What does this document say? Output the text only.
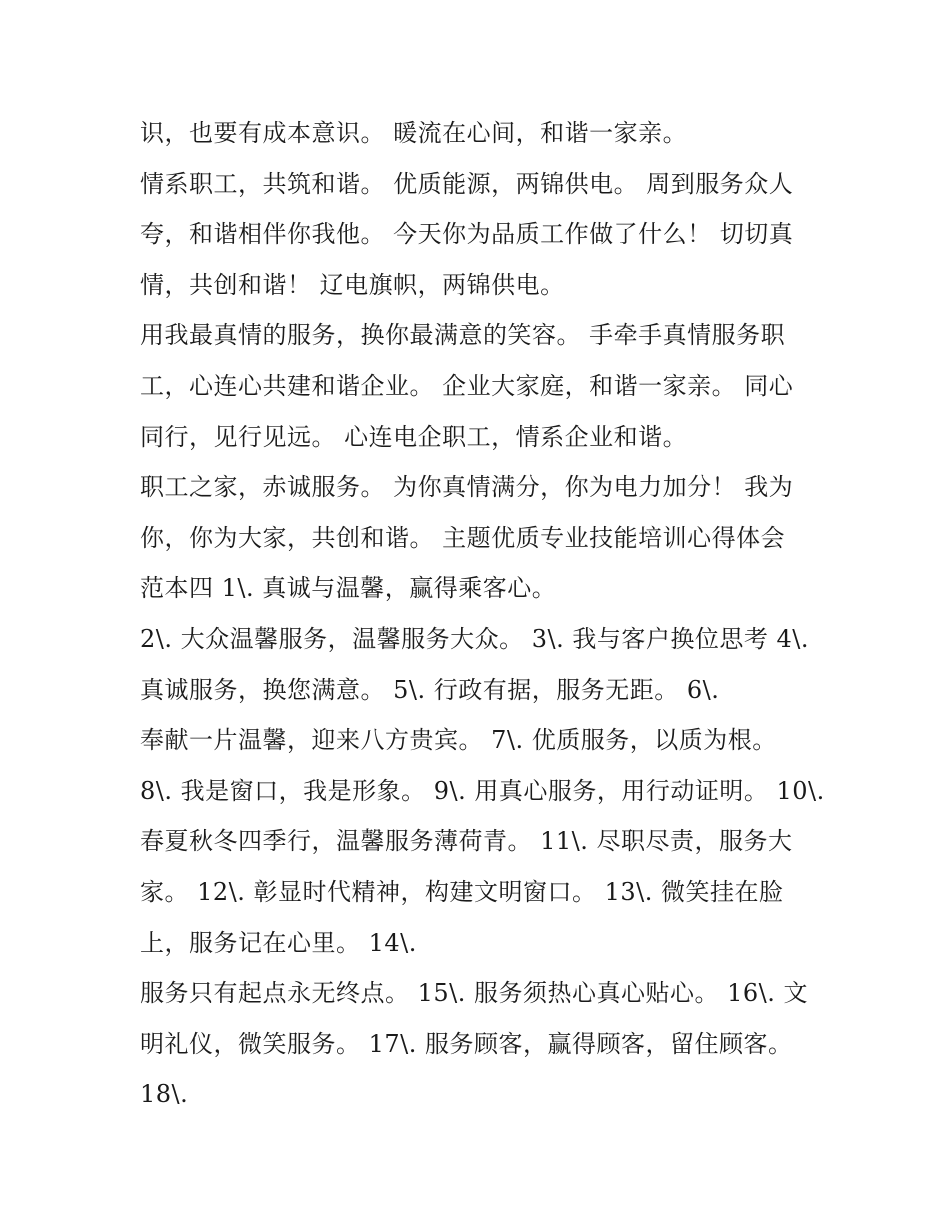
识，也要有成本意识。 暖流在心间，和谐一家亲。
情系职工，共筑和谐。 优质能源，两锦供电。 周到服务众人
夸，和谐相伴你我他。 今天你为品质工作做了什么！ 切切真
情，共创和谐！ 辽电旗帜，两锦供电。
用我最真情的服务，换你最满意的笑容。 手牵手真情服务职
工，心连心共建和谐企业。 企业大家庭，和谐一家亲。 同心
同行，见行见远。 心连电企职工，情系企业和谐。
职工之家，赤诚服务。 为你真情满分，你为电力加分！ 我为
你，你为大家，共创和谐。 主题优质专业技能培训心得体会
范本四 1\. 真诚与温馨，赢得乘客心。
2\. 大众温馨服务，温馨服务大众。 3\. 我与客户换位思考 4\.
真诚服务，换您满意。 5\. 行政有据，服务无距。 6\.
奉献一片温馨，迎来八方贵宾。 7\. 优质服务，以质为根。
8\. 我是窗口，我是形象。 9\. 用真心服务，用行动证明。 10\.
春夏秋冬四季行，温馨服务薄荷青。 11\. 尽职尽责，服务大
家。 12\. 彰显时代精神，构建文明窗口。 13\. 微笑挂在脸
上，服务记在心里。 14\.
服务只有起点永无终点。 15\. 服务须热心真心贴心。 16\. 文
明礼仪，微笑服务。 17\. 服务顾客，赢得顾客，留住顾客。
18\.
